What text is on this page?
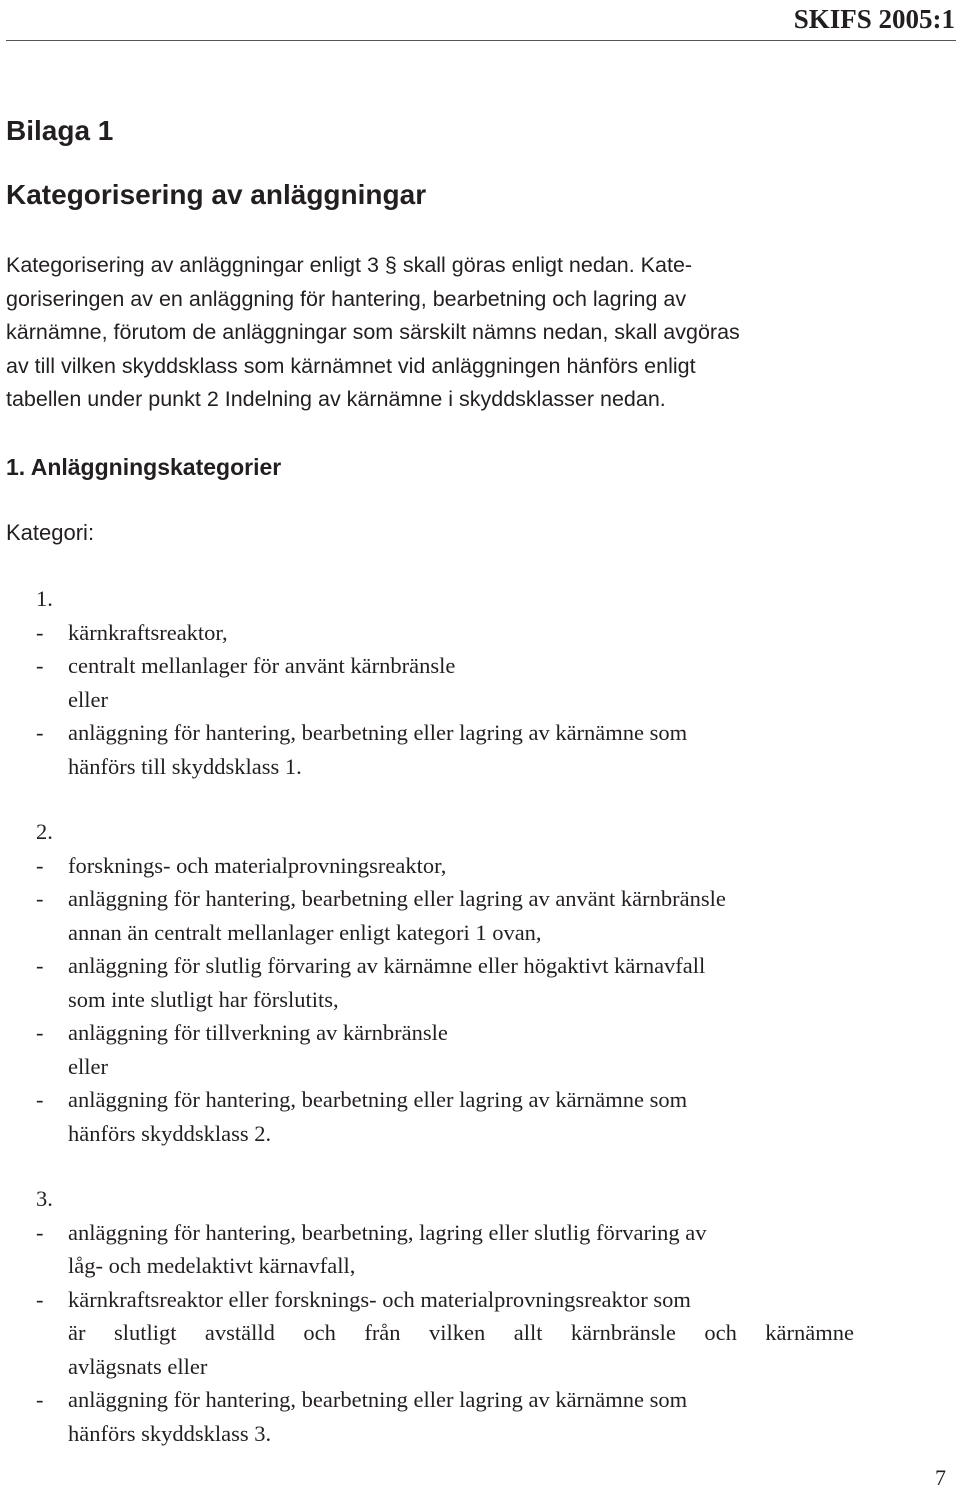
SKIFS 2005:1
Bilaga 1
Kategorisering av anläggningar
Kategorisering av anläggningar enligt 3 § skall göras enligt nedan. Kate-
goriseringen av en anläggning för hantering, bearbetning och lagring av
kärnämne, förutom de anläggningar som särskilt nämns nedan, skall avgöras
av till vilken skyddsklass som kärnämnet vid anläggningen hänförs enligt
tabellen under punkt 2 Indelning av kärnämne i skyddsklasser nedan.
1. Anläggningskategorier
Kategori:
1.
- kärnkraftsreaktor,
- centralt mellanlager för använt kärnbränsle
eller
- anläggning för hantering, bearbetning eller lagring av kärnämne som
hänförs till skyddsklass 1.
2.
- forsknings- och materialprovningsreaktor,
- anläggning för hantering, bearbetning eller lagring av använt kärnbränsle
annan än centralt mellanlager enligt kategori 1 ovan,
- anläggning för slutlig förvaring av kärnämne eller högaktivt kärnavfall
som inte slutligt har förslutits,
- anläggning för tillverkning av kärnbränsle
eller
- anläggning för hantering, bearbetning eller lagring av kärnämne som
hänförs skyddsklass 2.
3.
- anläggning för hantering, bearbetning, lagring eller slutlig förvaring av
låg- och medelaktivt kärnavfall,
- kärnkraftsreaktor eller forsknings- och materialprovningsreaktor som
är slutligt avställd och från vilken allt kärnbränsle och kärnämne
avlägsnats eller
- anläggning för hantering, bearbetning eller lagring av kärnämne som
hänförs skyddsklass 3.
7
